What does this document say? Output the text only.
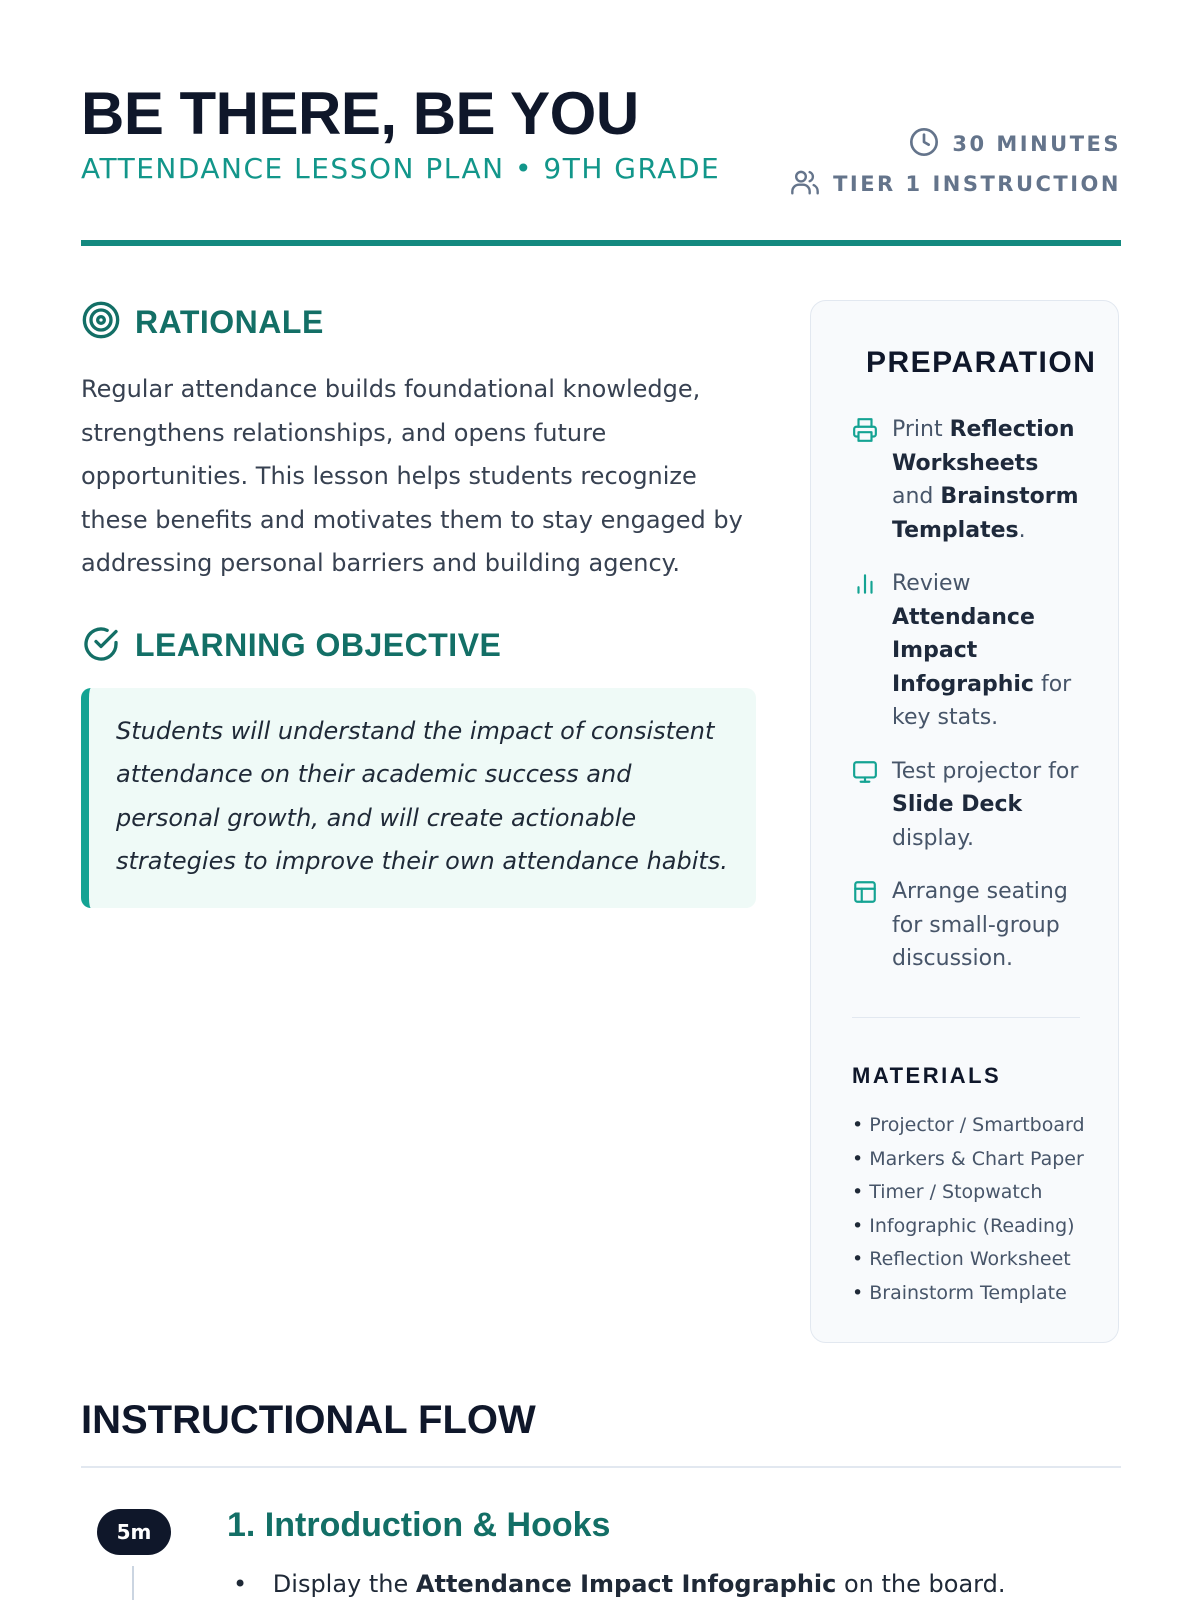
BE THERE, BE YOU
ATTENDANCE LESSON PLAN • 9TH GRADE
30 MINUTES
TIER 1 INSTRUCTION
RATIONALE

Regular attendance builds foundational knowledge, strengthens relationships, and opens future opportunities. This lesson helps students recognize these benefits and motivates them to stay engaged by addressing personal barriers and building agency.

LEARNING OBJECTIVE
Students will understand the impact of consistent attendance on their academic success and personal growth, and will create actionable strategies to improve their own attendance habits.
PREPARATION
Print Reflection Worksheets and Brainstorm Templates.
Review Attendance Impact Infographic for key stats.
Test projector for Slide Deck display.
Arrange seating for small-group discussion.
MATERIALS
• Projector / Smartboard
• Markers & Chart Paper
• Timer / Stopwatch
• Infographic (Reading)
• Reflection Worksheet
• Brainstorm Template
INSTRUCTIONAL FLOW
5m	1. Introduction & Hooks
• Display the Attendance Impact Infographic on the board.
